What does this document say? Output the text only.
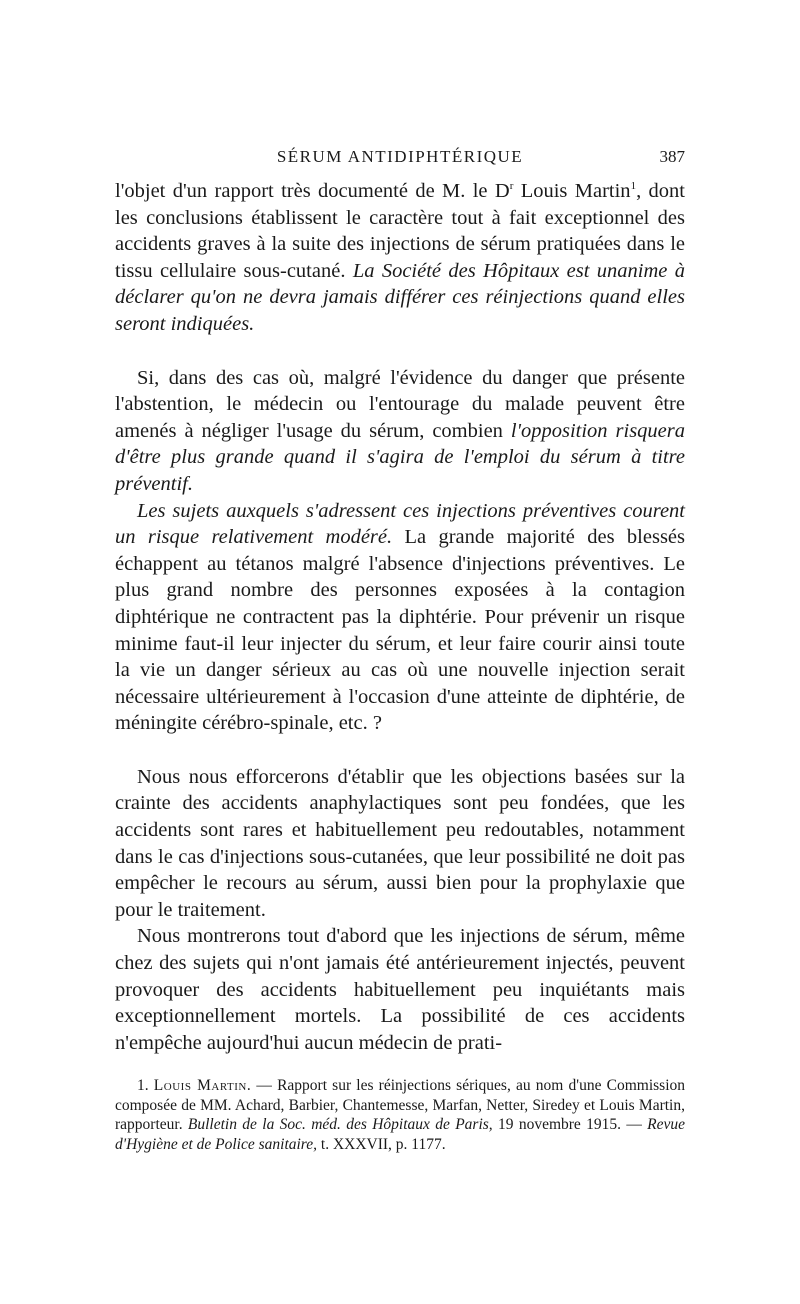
SÉRUM ANTIDIPHTÉRIQUE	387

l'objet d'un rapport très documenté de M. le $D^r$ Louis Martin$^1$, dont les conclusions établissent le caractère tout à fait exceptionnel des accidents graves à la suite des injections de sérum pratiquées dans le tissu cellulaire sous-cutané. La Société des Hôpitaux est unanime à déclarer qu'on ne devra jamais différer ces réinjections quand elles seront indiquées.

Si, dans des cas où, malgré l'évidence du danger que présente l'abstention, le médecin ou l'entourage du malade peuvent être amenés à négliger l'usage du sérum, combien l'opposition risquera d'être plus grande quand il s'agira de l'emploi du sérum à titre préventif.

Les sujets auxquels s'adressent ces injections préventives courent un risque relativement modéré. La grande majorité des blessés échappent au tétanos malgré l'absence d'injections préventives. Le plus grand nombre des personnes exposées à la contagion diphtérique ne contractent pas la diphtérie. Pour prévenir un risque minime faut-il leur injecter du sérum, et leur faire courir ainsi toute la vie un danger sérieux au cas où une nouvelle injection serait nécessaire ultérieurement à l'occasion d'une atteinte de diphtérie, de méningite cérébro-spinale, etc. ?

Nous nous efforcerons d'établir que les objections basées sur la crainte des accidents anaphylactiques sont peu fondées, que les accidents sont rares et habituellement peu redoutables, notamment dans le cas d'injections sous-cutanées, que leur possibilité ne doit pas empêcher le recours au sérum, aussi bien pour la prophylaxie que pour le traitement.

Nous montrerons tout d'abord que les injections de sérum, même chez des sujets qui n'ont jamais été antérieurement injectés, peuvent provoquer des accidents habituellement peu inquiétants mais exceptionnellement mortels. La possibilité de ces accidents n'empêche aujourd'hui aucun médecin de prati-

1. Louis Martin. — Rapport sur les réinjections sériques, au nom d'une Commission composée de MM. Achard, Barbier, Chantemesse, Marfan, Netter, Siredey et Louis Martin, rapporteur. Bulletin de la Soc. méd. des Hôpitaux de Paris, 19 novembre 1915. — Revue d'Hygiène et de Police sanitaire, t. XXXVII, p. 1177.
